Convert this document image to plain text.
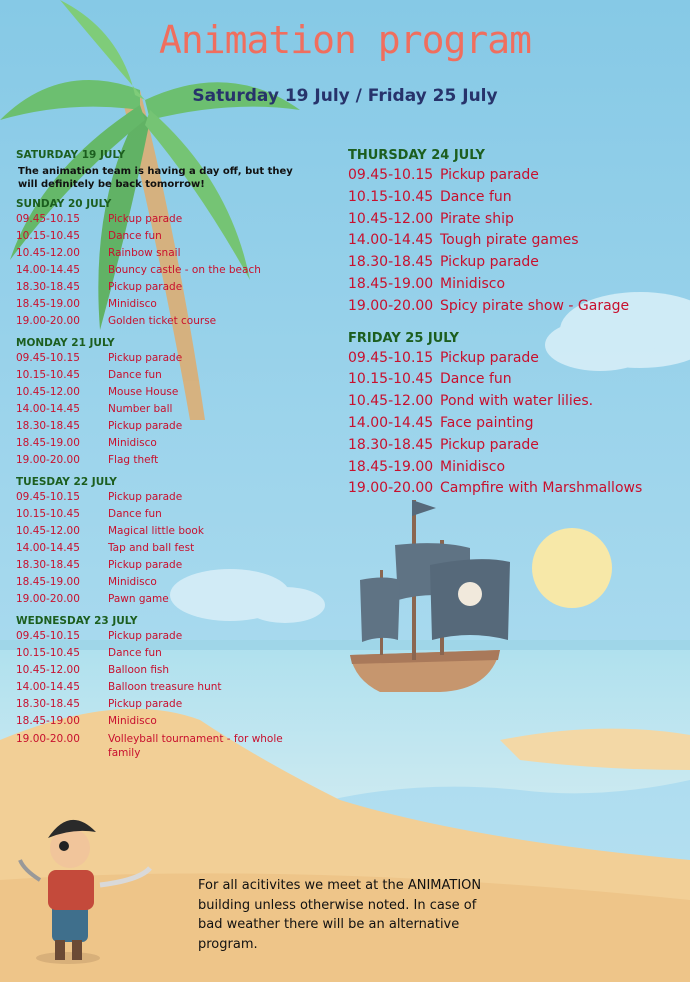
Animation program
Saturday 19 July / Friday 25 July
SATURDAY 19 JULY
The animation team is having a day off, but they will definitely be back tomorrow!
SUNDAY 20 JULY
09.45-10.15	Pickup parade
10.15-10.45	Dance fun
10.45-12.00	Rainbow snail
14.00-14.45	Bouncy castle - on the beach
18.30-18.45	Pickup parade
18.45-19.00	Minidisco
19.00-20.00	Golden ticket course
MONDAY 21 JULY
09.45-10.15	Pickup parade
10.15-10.45	Dance fun
10.45-12.00	Mouse House
14.00-14.45	Number ball
18.30-18.45	Pickup parade
18.45-19.00	Minidisco
19.00-20.00	Flag theft
TUESDAY 22 JULY
09.45-10.15	Pickup parade
10.15-10.45	Dance fun
10.45-12.00	Magical little book
14.00-14.45	Tap and ball fest
18.30-18.45	Pickup parade
18.45-19.00	Minidisco
19.00-20.00	Pawn game
WEDNESDAY 23 JULY
09.45-10.15	Pickup parade
10.15-10.45	Dance fun
10.45-12.00	Balloon fish
14.00-14.45	Balloon treasure hunt
18.30-18.45	Pickup parade
18.45-19.00	Minidisco
19.00-20.00	Volleyball tournament - for whole family
THURSDAY 24 JULY
09.45-10.15 Pickup parade
10.15-10.45 Dance fun
10.45-12.00 Pirate ship
14.00-14.45 Tough pirate games
18.30-18.45 Pickup parade
18.45-19.00 Minidisco
19.00-20.00 Spicy pirate show - Garage
FRIDAY 25 JULY
09.45-10.15 Pickup parade
10.15-10.45 Dance fun
10.45-12.00 Pond with water lilies.
14.00-14.45 Face painting
18.30-18.45 Pickup parade
18.45-19.00 Minidisco
19.00-20.00 Campfire with Marshmallows
For all acitivites we meet at the ANIMATION building unless otherwise noted. In case of bad weather there will be an alternative program.
